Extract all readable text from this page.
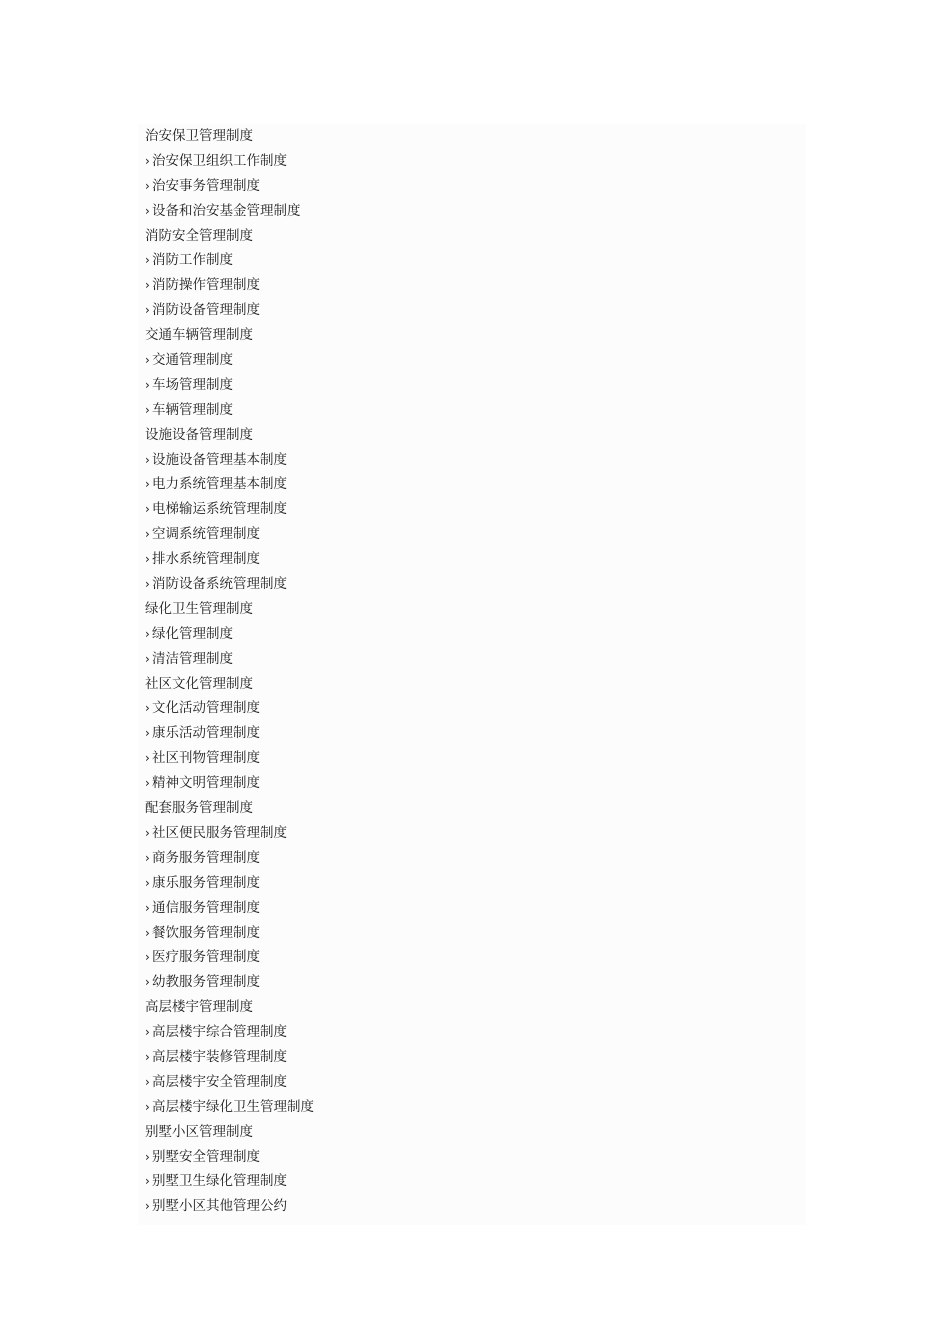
治安保卫管理制度
› 治安保卫组织工作制度
› 治安事务管理制度
› 设备和治安基金管理制度
消防安全管理制度
› 消防工作制度
› 消防操作管理制度
› 消防设备管理制度
交通车辆管理制度
› 交通管理制度
› 车场管理制度
› 车辆管理制度
设施设备管理制度
› 设施设备管理基本制度
› 电力系统管理基本制度
› 电梯输运系统管理制度
› 空调系统管理制度
› 排水系统管理制度
› 消防设备系统管理制度
绿化卫生管理制度
› 绿化管理制度
› 清洁管理制度
社区文化管理制度
› 文化活动管理制度
› 康乐活动管理制度
› 社区刊物管理制度
› 精神文明管理制度
配套服务管理制度
› 社区便民服务管理制度
› 商务服务管理制度
› 康乐服务管理制度
› 通信服务管理制度
› 餐饮服务管理制度
› 医疗服务管理制度
› 幼教服务管理制度
高层楼宇管理制度
› 高层楼宇综合管理制度
› 高层楼宇装修管理制度
› 高层楼宇安全管理制度
› 高层楼宇绿化卫生管理制度
别墅小区管理制度
› 别墅安全管理制度
› 别墅卫生绿化管理制度
› 别墅小区其他管理公约
